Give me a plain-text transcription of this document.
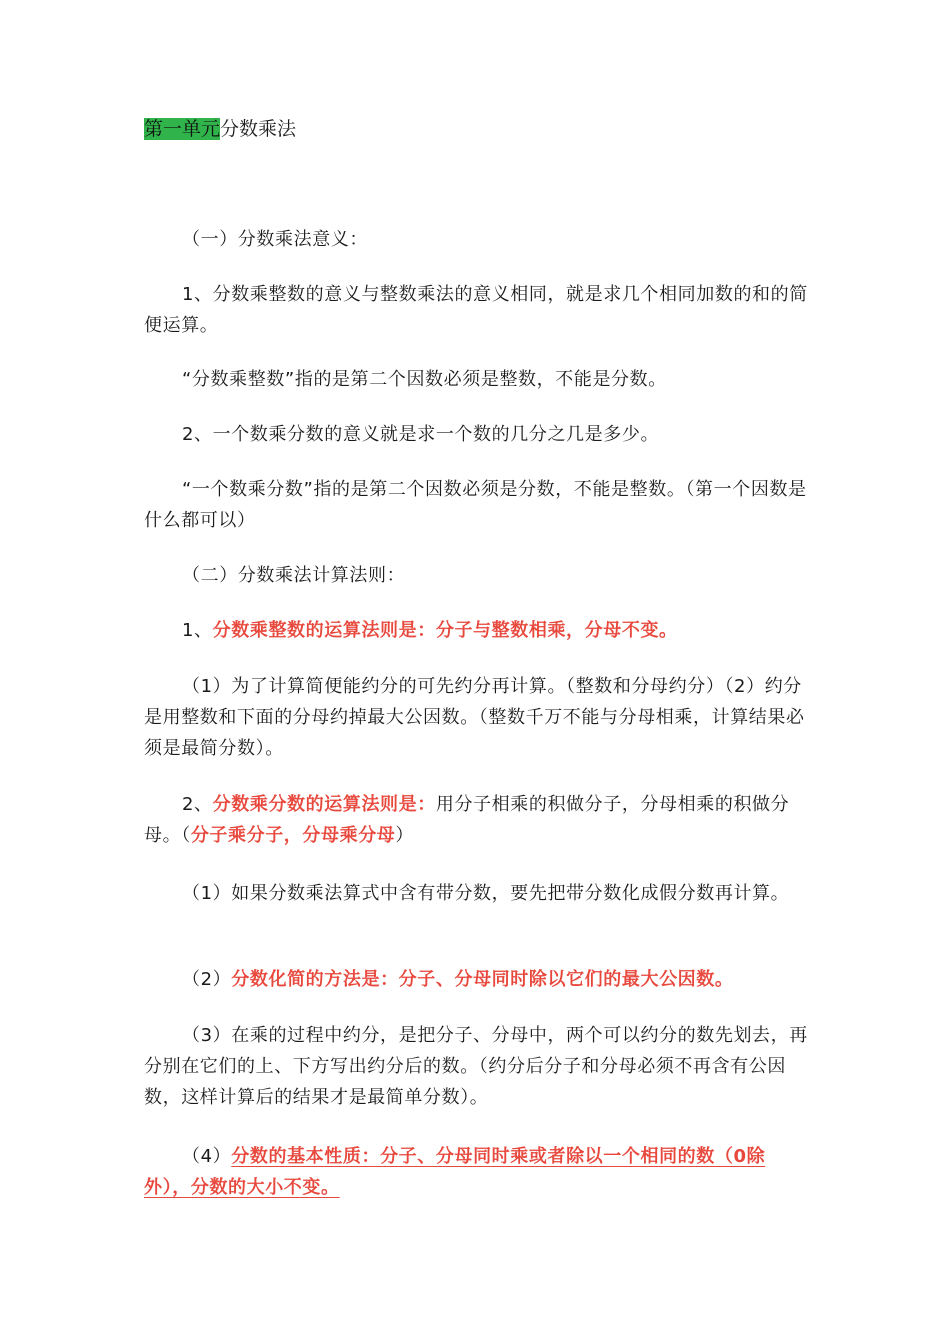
第一单元分数乘法

（一）分数乘法意义：

1、分数乘整数的意义与整数乘法的意义相同，就是求几个相同加数的和的简便运算。

“分数乘整数”指的是第二个因数必须是整数，不能是分数。

2、一个数乘分数的意义就是求一个数的几分之几是多少。

“一个数乘分数”指的是第二个因数必须是分数，不能是整数。（第一个因数是什么都可以）

（二）分数乘法计算法则：

1、分数乘整数的运算法则是：分子与整数相乘，分母不变。

（1）为了计算简便能约分的可先约分再计算。（整数和分母约分）（2）约分是用整数和下面的分母约掉最大公因数。（整数千万不能与分母相乘，计算结果必须是最简分数）。

2、分数乘分数的运算法则是：用分子相乘的积做分子，分母相乘的积做分母。（分子乘分子，分母乘分母）

（1）如果分数乘法算式中含有带分数，要先把带分数化成假分数再计算。

（2）分数化简的方法是：分子、分母同时除以它们的最大公因数。

（3）在乘的过程中约分，是把分子、分母中，两个可以约分的数先划去，再分别在它们的上、下方写出约分后的数。（约分后分子和分母必须不再含有公因数，这样计算后的结果才是最简单分数）。

（4）分数的基本性质：分子、分母同时乘或者除以一个相同的数（0除外），分数的大小不变。
